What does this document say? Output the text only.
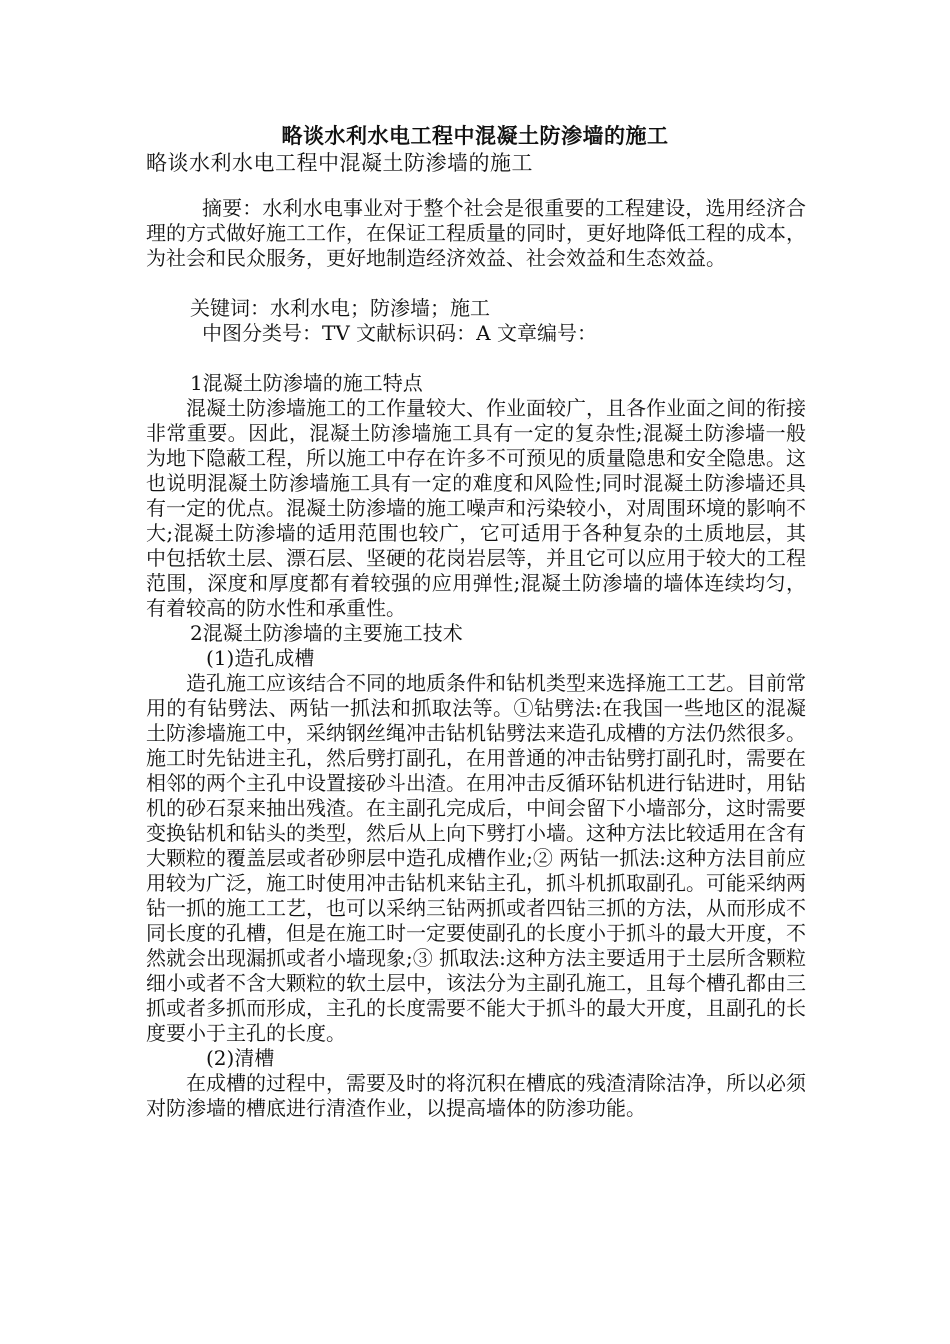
略谈水利水电工程中混凝土防渗墙的施工
略谈水利水电工程中混凝土防渗墙的施工

摘要：水利水电事业对于整个社会是很重要的工程建设，选用经济合理的方式做好施工工作，在保证工程质量的同时，更好地降低工程的成本，为社会和民众服务，更好地制造经济效益、社会效益和生态效益。

关键词：水利水电；防渗墙；施工

中图分类号：TV 文献标识码：A 文章编号：

1混凝土防渗墙的施工特点

混凝土防渗墙施工的工作量较大、作业面较广，且各作业面之间的衔接非常重要。因此，混凝土防渗墙施工具有一定的复杂性;混凝土防渗墙一般为地下隐蔽工程，所以施工中存在许多不可预见的质量隐患和安全隐患。这也说明混凝土防渗墙施工具有一定的难度和风险性;同时混凝土防渗墙还具有一定的优点。混凝土防渗墙的施工噪声和污染较小，对周围环境的影响不大;混凝土防渗墙的适用范围也较广，它可适用于各种复杂的土质地层，其中包括软土层、漂石层、坚硬的花岗岩层等，并且它可以应用于较大的工程范围，深度和厚度都有着较强的应用弹性;混凝土防渗墙的墙体连续均匀，有着较高的防水性和承重性。

2混凝土防渗墙的主要施工技术

(1)造孔成槽

造孔施工应该结合不同的地质条件和钻机类型来选择施工工艺。目前常用的有钻劈法、两钻一抓法和抓取法等。①钻劈法:在我国一些地区的混凝土防渗墙施工中，采纳钢丝绳冲击钻机钻劈法来造孔成槽的方法仍然很多。施工时先钻进主孔，然后劈打副孔，在用普通的冲击钻劈打副孔时，需要在相邻的两个主孔中设置接砂斗出渣。在用冲击反循环钻机进行钻进时，用钻机的砂石泵来抽出残渣。在主副孔完成后，中间会留下小墙部分，这时需要变换钻机和钻头的类型，然后从上向下劈打小墙。这种方法比较适用在含有大颗粒的覆盖层或者砂卵层中造孔成槽作业;② 两钻一抓法:这种方法目前应用较为广泛，施工时使用冲击钻机来钻主孔，抓斗机抓取副孔。可能采纳两钻一抓的施工工艺，也可以采纳三钻两抓或者四钻三抓的方法，从而形成不同长度的孔槽，但是在施工时一定要使副孔的长度小于抓斗的最大开度，不然就会出现漏抓或者小墙现象;③ 抓取法:这种方法主要适用于土层所含颗粒细小或者不含大颗粒的软土层中，该法分为主副孔施工，且每个槽孔都由三抓或者多抓而形成，主孔的长度需要不能大于抓斗的最大开度，且副孔的长度要小于主孔的长度。

(2)清槽

在成槽的过程中，需要及时的将沉积在槽底的残渣清除洁净，所以必须对防渗墙的槽底进行清渣作业，以提高墙体的防渗功能。
